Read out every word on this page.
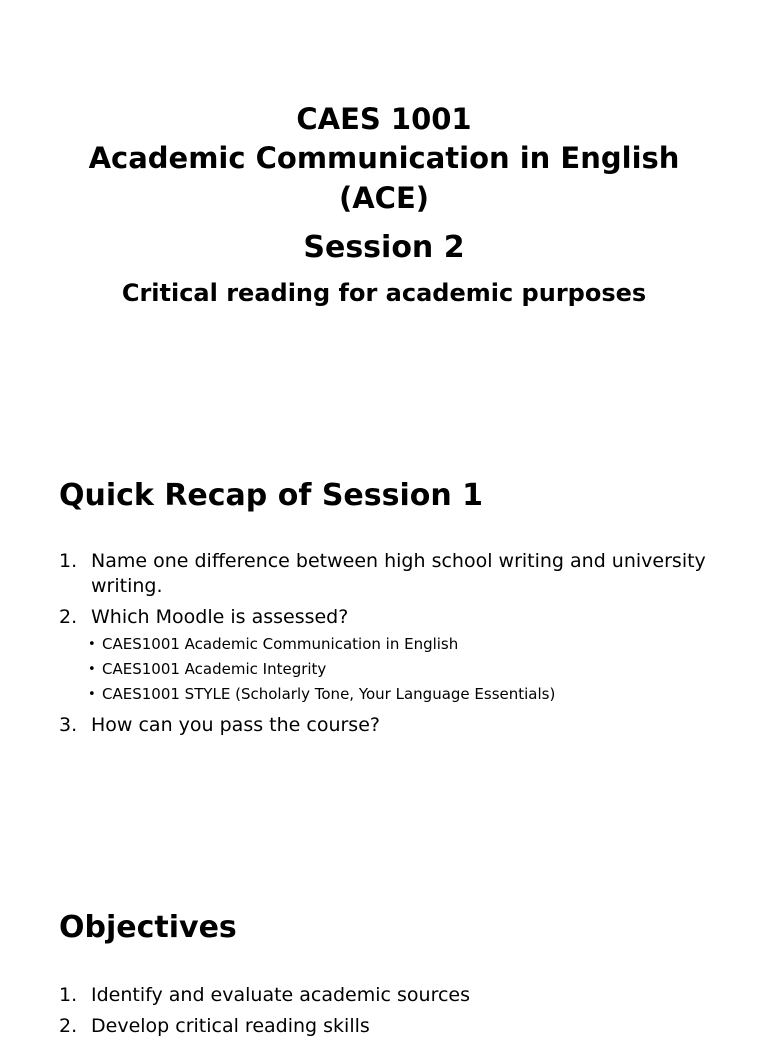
CAES 1001
Academic Communication in English
(ACE)
Session 2
Critical reading for academic purposes
Quick Recap of Session 1
1. Name one difference between high school writing and university writing.
2. Which Moodle is assessed?
• CAES1001 Academic Communication in English
• CAES1001 Academic Integrity
• CAES1001 STYLE (Scholarly Tone, Your Language Essentials)
3. How can you pass the course?
Objectives
1. Identify and evaluate academic sources
2. Develop critical reading skills
